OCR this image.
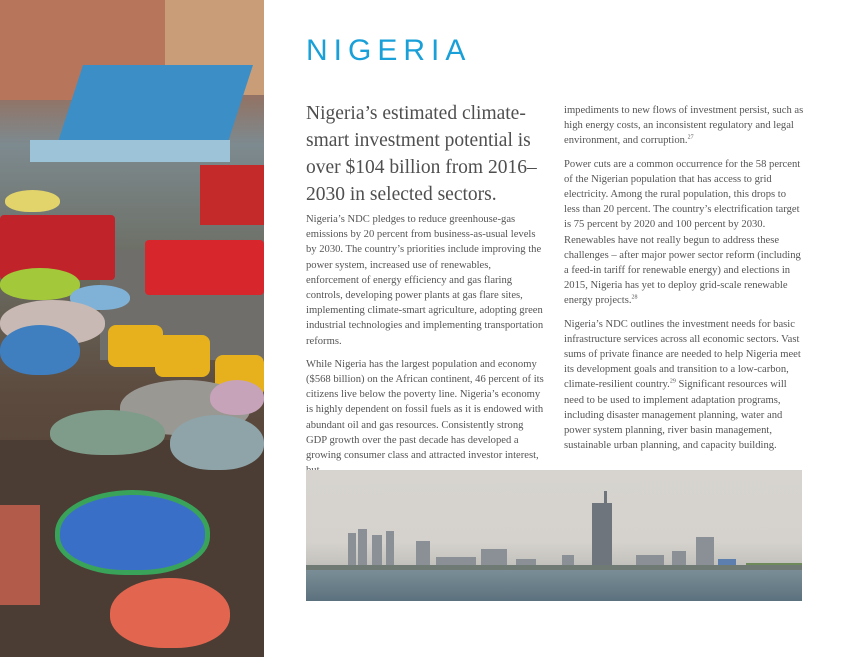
NIGERIA

Nigeria’s estimated climate-smart investment potential is over $104 billion from 2016–2030 in selected sectors.

Nigeria’s NDC pledges to reduce greenhouse-gas emissions by 20 percent from business-as-usual levels by 2030. The country’s priorities include improving the power system, increased use of renewables, enforcement of energy efficiency and gas flaring controls, developing power plants at gas flare sites, implementing climate-smart agriculture, adopting green industrial technologies and implementing transportation reforms.

While Nigeria has the largest population and economy ($568 billion) on the African continent, 46 percent of its citizens live below the poverty line. Nigeria’s economy is highly dependent on fossil fuels as it is endowed with abundant oil and gas resources. Consistently strong GDP growth over the past decade has developed a growing consumer class and attracted investor interest,

impediments to new flows of investment persist, such as high energy costs, an inconsistent regulatory and legal environment, and corruption.$^{27}$

Power cuts are a common occurrence for the 58 percent of the Nigerian population that has access to grid electricity. Among the rural population, this drops to less than 20 percent. The country’s electrification target is 75 percent by 2020 and 100 percent by 2030. Renewables have not really begun to address these challenges – after major power sector reform (including a feed-in tariff for renewable energy) and elections in 2015, Nigeria has yet to deploy grid-scale renewable energy projects.$^{28}$

Nigeria’s NDC outlines the investment needs for basic infrastructure services across all economic sectors. Vast sums of private finance are needed to help Nigeria meet its development goals and transition to a low-carbon, climate-resilient country.$^{29}$ Significant resources will need to be used to implement adaptation programs, including disaster management planning, water and power system planning, river basin management, sustainable urban planning, and capacity building.
